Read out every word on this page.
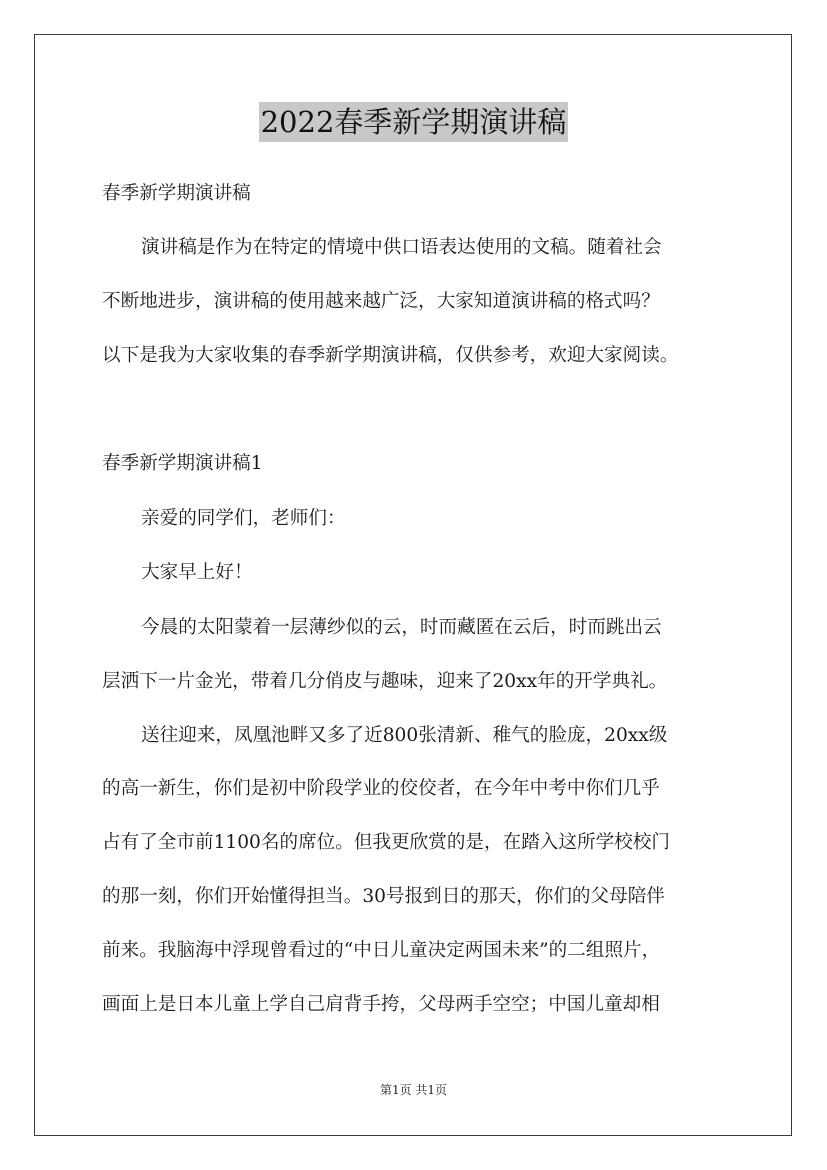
2022春季新学期演讲稿
春季新学期演讲稿
演讲稿是作为在特定的情境中供口语表达使用的文稿。随着社会
不断地进步，演讲稿的使用越来越广泛，大家知道演讲稿的格式吗？
以下是我为大家收集的春季新学期演讲稿，仅供参考，欢迎大家阅读。
春季新学期演讲稿1
亲爱的同学们，老师们：
大家早上好！
今晨的太阳蒙着一层薄纱似的云，时而藏匿在云后，时而跳出云
层洒下一片金光，带着几分俏皮与趣味，迎来了20xx年的开学典礼。
送往迎来，凤凰池畔又多了近800张清新、稚气的脸庞，20xx级
的高一新生，你们是初中阶段学业的佼佼者，在今年中考中你们几乎
占有了全市前1100名的席位。但我更欣赏的是，在踏入这所学校校门
的那一刻，你们开始懂得担当。30号报到日的那天，你们的父母陪伴
前来。我脑海中浮现曾看过的“中日儿童决定两国未来”的二组照片，
画面上是日本儿童上学自己肩背手挎，父母两手空空；中国儿童却相
第1页 共1页
